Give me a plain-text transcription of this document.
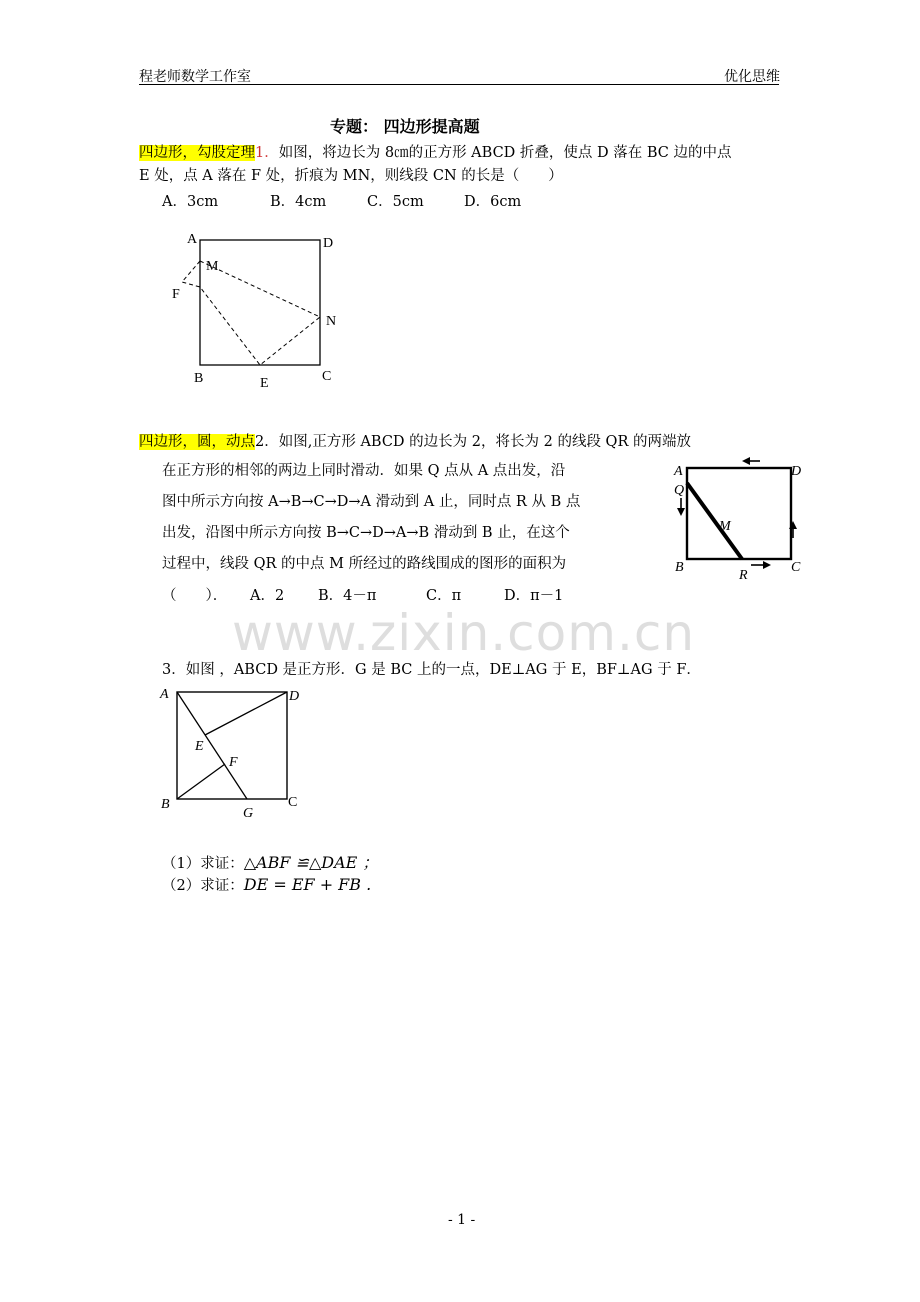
程老师数学工作室	优化思维
专题： 四边形提高题
四边形，勾股定理1．如图，将边长为 8㎝的正方形 ABCD 折叠，使点 D 落在 BC 边的中点
E 处，点 A 落在 F 处，折痕为 MN，则线段 CN 的长是（　　）
A．3cm	B．4cm	C．5cm	D．6cm
A	D
M
F
N
B	E	C
四边形，圆，动点2．如图,正方形 ABCD 的边长为 2，将长为 2 的线段 QR 的两端放
在正方形的相邻的两边上同时滑动．如果 Q 点从 A 点出发，沿
图中所示方向按 A→B→C→D→A 滑动到 A 止，同时点 R 从 B 点
出发，沿图中所示方向按 B→C→D→A→B 滑动到 B 止，在这个
过程中，线段 QR 的中点 M 所经过的路线围成的图形的面积为
（　　）． A．2 B．4－π	C．π	D．π－1
A	D
Q
M
B
R
C
www.zixin.com.cn
3．如图 ，ABCD 是正方形．G 是 BC 上的一点，DE⊥AG 于 E，BF⊥AG 于 F．
A	D
E
F
B
G
C
（1）求证：△ABF ≌△DAE ；
（2）求证：DE = EF + FB .
- 1 -
